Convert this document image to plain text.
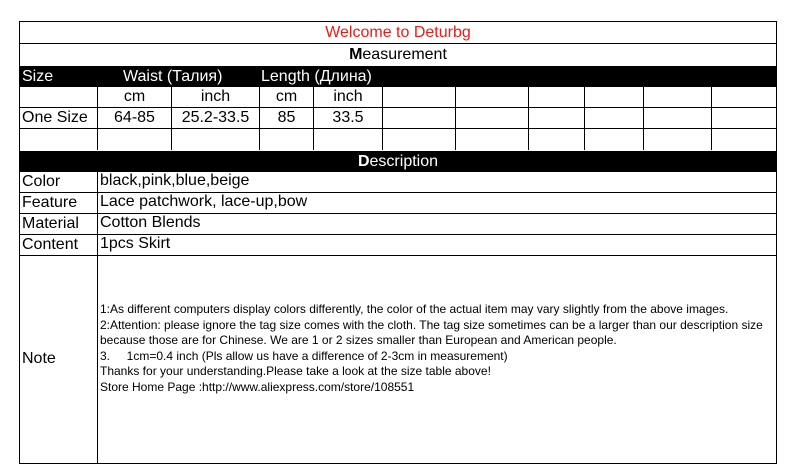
Welcome to Deturbg
Measurement
Size	Waist (Талия) Length (Длина)
cm	inch	cm	inch
One Size	64-85	25.2-33.5	85	33.5
Description
Color black,pink,blue,beige
Feature Lace patchwork, lace-up,bow
Material Cotton Blends
Content 1pcs Skirt
Note
1:As different computers display colors differently, the color of the actual item may vary slightly from the above images.
2:Attention: please ignore the tag size comes with the cloth. The tag size sometimes can be a larger than our description size because those are for Chinese. We are 1 or 2 sizes smaller than European and American people.
3.     1cm=0.4 inch (Pls allow us have a difference of 2-3cm in measurement)
Thanks for your understanding.Please take a look at the size table above!
Store Home Page :http://www.aliexpress.com/store/108551
